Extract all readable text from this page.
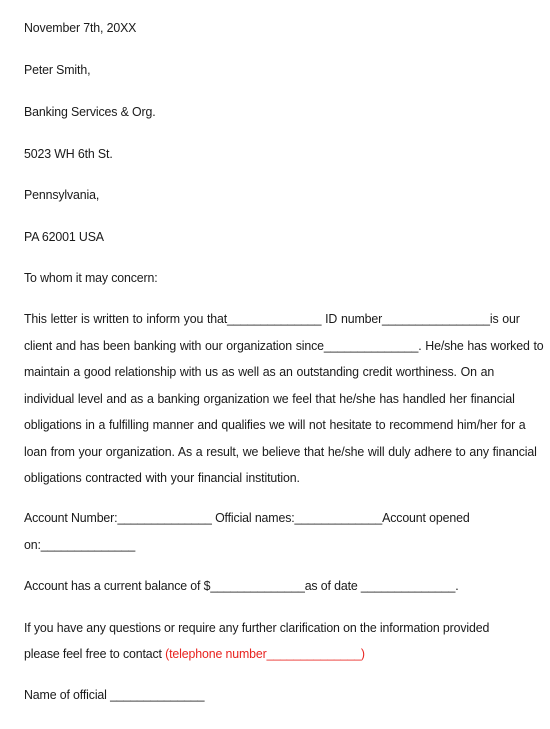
November 7th, 20XX
Peter Smith,
Banking Services & Org.
5023 WH 6th St.
Pennsylvania,
PA 62001 USA
To whom it may concern:
This letter is written to inform you that______________ ID number________________is our client and has been banking with our organization since______________. He/she has worked to maintain a good relationship with us as well as an outstanding credit worthiness. On an individual level and as a banking organization we feel that he/she has handled her financial obligations in a fulfilling manner and qualifies we will not hesitate to recommend him/her for a loan from your organization. As a result, we believe that he/she will duly adhere to any financial obligations contracted with your financial institution.
Account Number:______________ Official names:_____________Account opened
on:______________
Account has a current balance of $______________as of date ______________.
If you have any questions or require any further clarification on the information provided
please feel free to contact (telephone number______________)
Name of official ______________
